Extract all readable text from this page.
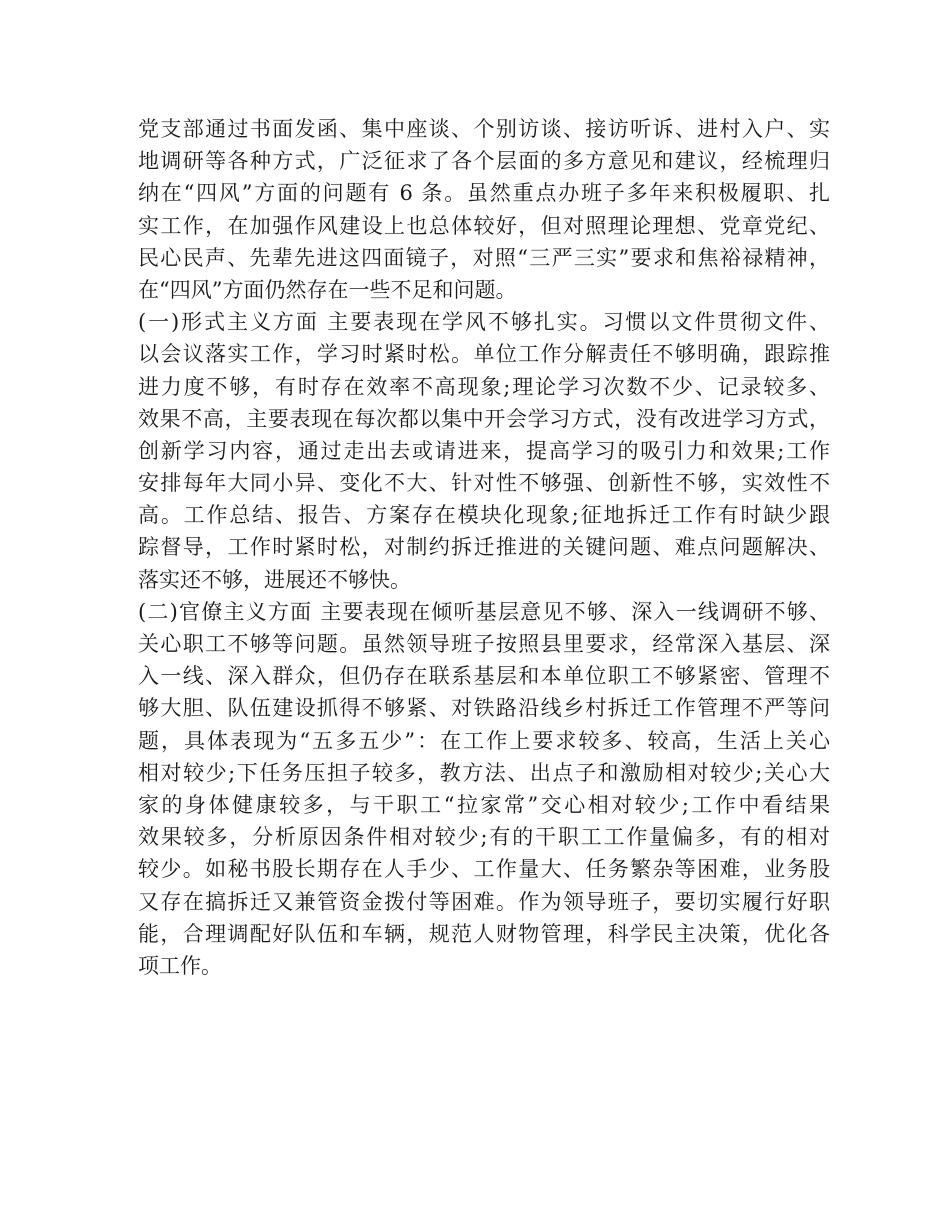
党支部通过书面发函、集中座谈、个别访谈、接访听诉、进村入户、实
地调研等各种方式，广泛征求了各个层面的多方意见和建议，经梳理归
纳在“四风”方面的问题有 6 条。虽然重点办班子多年来积极履职、扎
实工作，在加强作风建设上也总体较好，但对照理论理想、党章党纪、
民心民声、先辈先进这四面镜子，对照“三严三实”要求和焦裕禄精神，
在“四风”方面仍然存在一些不足和问题。
(一)形式主义方面 主要表现在学风不够扎实。习惯以文件贯彻文件、
以会议落实工作，学习时紧时松。单位工作分解责任不够明确，跟踪推
进力度不够，有时存在效率不高现象;理论学习次数不少、记录较多、
效果不高，主要表现在每次都以集中开会学习方式，没有改进学习方式，
创新学习内容，通过走出去或请进来，提高学习的吸引力和效果;工作
安排每年大同小异、变化不大、针对性不够强、创新性不够，实效性不
高。工作总结、报告、方案存在模块化现象;征地拆迁工作有时缺少跟
踪督导，工作时紧时松，对制约拆迁推进的关键问题、难点问题解决、
落实还不够，进展还不够快。
(二)官僚主义方面 主要表现在倾听基层意见不够、深入一线调研不够、
关心职工不够等问题。虽然领导班子按照县里要求，经常深入基层、深
入一线、深入群众，但仍存在联系基层和本单位职工不够紧密、管理不
够大胆、队伍建设抓得不够紧、对铁路沿线乡村拆迁工作管理不严等问
题，具体表现为“五多五少”：在工作上要求较多、较高，生活上关心
相对较少;下任务压担子较多，教方法、出点子和激励相对较少;关心大
家的身体健康较多，与干职工“拉家常”交心相对较少;工作中看结果
效果较多，分析原因条件相对较少;有的干职工工作量偏多，有的相对
较少。如秘书股长期存在人手少、工作量大、任务繁杂等困难，业务股
又存在搞拆迁又兼管资金拨付等困难。作为领导班子，要切实履行好职
能，合理调配好队伍和车辆，规范人财物管理，科学民主决策，优化各
项工作。
